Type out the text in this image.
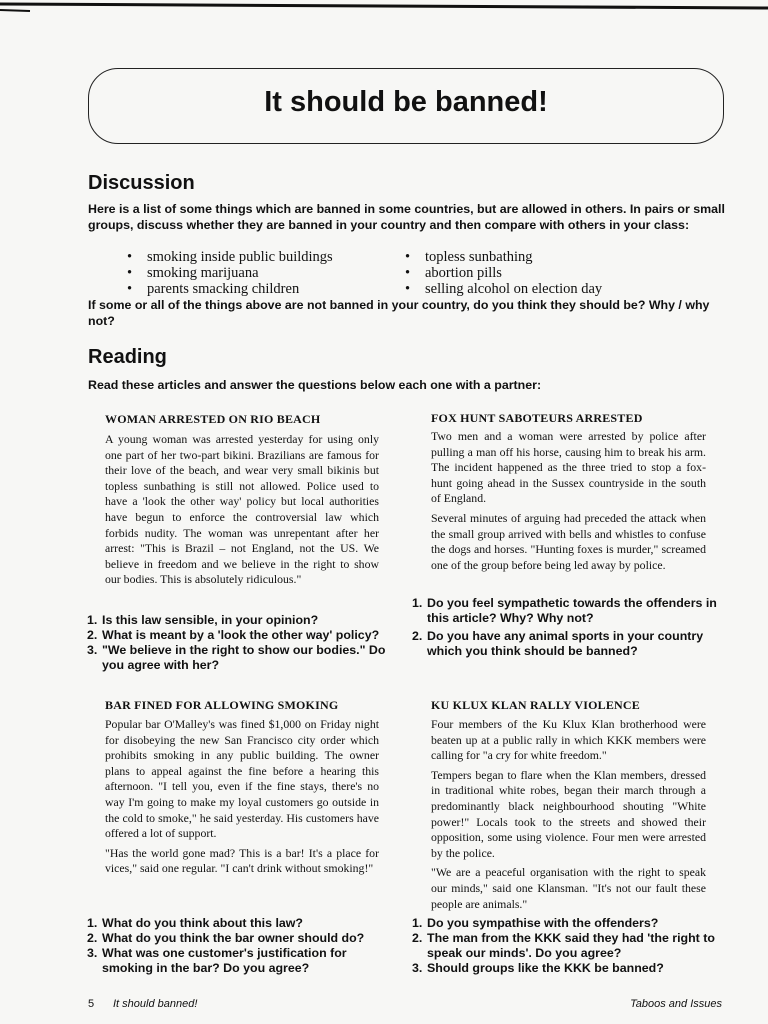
It should be banned!
Discussion

Here is a list of some things which are banned in some countries, but are allowed in others. In pairs or small groups, discuss whether they are banned in your country and then compare with others in your class:

• smoking inside public buildings
• smoking marijuana
• parents smacking children
• topless sunbathing
• abortion pills
• selling alcohol on election day

If some or all of the things above are not banned in your country, do you think they should be? Why / why not?

Reading

Read these articles and answer the questions below each one with a partner:

WOMAN ARRESTED ON RIO BEACH

A young woman was arrested yesterday for using only one part of her two-part bikini. Brazilians are famous for their love of the beach, and wear very small bikinis but topless sunbathing is still not allowed. Police used to have a 'look the other way' policy but local authorities have begun to enforce the controversial law which forbids nudity. The woman was unrepentant after her arrest: "This is Brazil – not England, not the US. We believe in freedom and we believe in the right to show our bodies. This is absolutely ridiculous."

1. Is this law sensible, in your opinion?
2. What is meant by a 'look the other way' policy?
3. "We believe in the right to show our bodies." Do you agree with her?
FOX HUNT SABOTEURS ARRESTED

Two men and a woman were arrested by police after pulling a man off his horse, causing him to break his arm. The incident happened as the three tried to stop a fox-hunt going ahead in the Sussex countryside in the south of England.

Several minutes of arguing had preceded the attack when the small group arrived with bells and whistles to confuse the dogs and horses. "Hunting foxes is murder," screamed one of the group before being led away by police.

1. Do you feel sympathetic towards the offenders in this article? Why? Why not?
2. Do you have any animal sports in your country which you think should be banned?
BAR FINED FOR ALLOWING SMOKING

Popular bar O'Malley's was fined $1,000 on Friday night for disobeying the new San Francisco city order which prohibits smoking in any public building. The owner plans to appeal against the fine before a hearing this afternoon. "I tell you, even if the fine stays, there's no way I'm going to make my loyal customers go outside in the cold to smoke," he said yesterday. His customers have offered a lot of support.

"Has the world gone mad? This is a bar! It's a place for vices," said one regular. "I can't drink without smoking!"

1. What do you think about this law?
2. What do you think the bar owner should do?
3. What was one customer's justification for smoking in the bar? Do you agree?
KU KLUX KLAN RALLY VIOLENCE

Four members of the Ku Klux Klan brotherhood were beaten up at a public rally in which KKK members were calling for "a cry for white freedom."

Tempers began to flare when the Klan members, dressed in traditional white robes, began their march through a predominantly black neighbourhood shouting "White power!" Locals took to the streets and showed their opposition, some using violence. Four men were arrested by the police.

"We are a peaceful organisation with the right to speak our minds," said one Klansman. "It's not our fault these people are animals."

1. Do you sympathise with the offenders?
2. The man from the KKK said they had 'the right to speak our minds'. Do you agree?
3. Should groups like the KKK be banned?
5 It should banned!	Taboos and Issues
